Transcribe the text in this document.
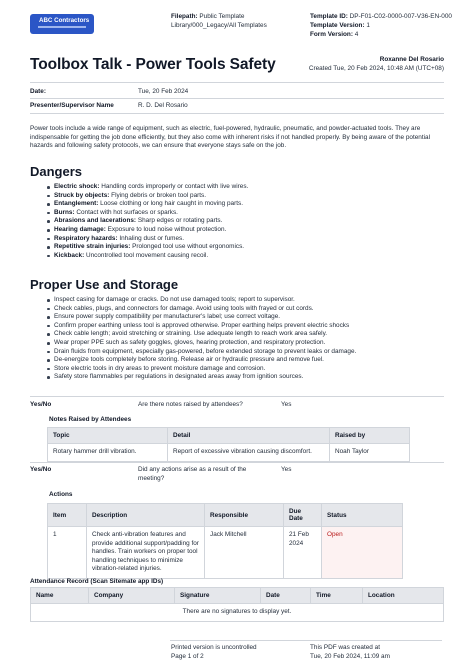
ABC Contractors
Filepath: Public Template Library/000_Legacy/All Templates
Template ID: DP-F01-C02-0000-007-V36-EN-000
Template Version: 1
Form Version: 4
Toolbox Talk - Power Tools Safety	Roxanne Del Rosario
Created Tue, 20 Feb 2024, 10:48 AM (UTC+08)
Date:	Tue, 20 Feb 2024
Presenter/Supervisor Name	R. D. Del Rosario
Power tools include a wide range of equipment, such as electric, fuel-powered, hydraulic, pneumatic, and powder-actuated tools. They are indispensable for getting the job done efficiently, but they also come with inherent risks if not handled properly. By being aware of the potential hazards and following safety protocols, we can ensure that everyone stays safe on the job.
Dangers
Electric shock: Handling cords improperly or contact with live wires.
Struck by objects: Flying debris or broken tool parts.
Entanglement: Loose clothing or long hair caught in moving parts.
Burns: Contact with hot surfaces or sparks.
Abrasions and lacerations: Sharp edges or rotating parts.
Hearing damage: Exposure to loud noise without protection.
Respiratory hazards: Inhaling dust or fumes.
Repetitive strain injuries: Prolonged tool use without ergonomics.
Kickback: Uncontrolled tool movement causing recoil.
Proper Use and Storage
Inspect casing for damage or cracks. Do not use damaged tools; report to supervisor.
Check cables, plugs, and connectors for damage. Avoid using tools with frayed or cut cords.
Ensure power supply compatibility per manufacturer's label; use correct voltage.
Confirm proper earthing unless tool is approved otherwise. Proper earthing helps prevent electric shocks
Check cable length; avoid stretching or straining. Use adequate length to reach work area safely.
Wear proper PPE such as safety goggles, gloves, hearing protection, and respiratory protection.
Drain fluids from equipment, especially gas-powered, before extended storage to prevent leaks or damage.
De-energize tools completely before storing. Release air or hydraulic pressure and remove fuel.
Store electric tools in dry areas to prevent moisture damage and corrosion.
Safety store flammables per regulations in designated areas away from ignition sources.
Yes/No	Are there notes raised by attendees?	Yes
Notes Raised by Attendees
Topic	Detail	Raised by
Rotary hammer drill vibration.	Report of excessive vibration causing discomfort.	Noah Taylor
Yes/No	Did any actions arise as a result of the meeting?
Yes
Actions
Item	Description	Responsible	Due Date	Status
1	Check anti-vibration features and provide additional support/padding for handles. Train workers on proper tool handling techniques to minimize vibration-related injuries.	Jack Mitchell	21 Feb 2024	Open
Attendance Record (Scan Sitemate app IDs)
Name	Company	Signature	Date	Time	Location
There are no signatures to display yet.
Printed version is uncontrolled
Page 1 of 2
This PDF was created at
Tue, 20 Feb 2024, 11:09 am
